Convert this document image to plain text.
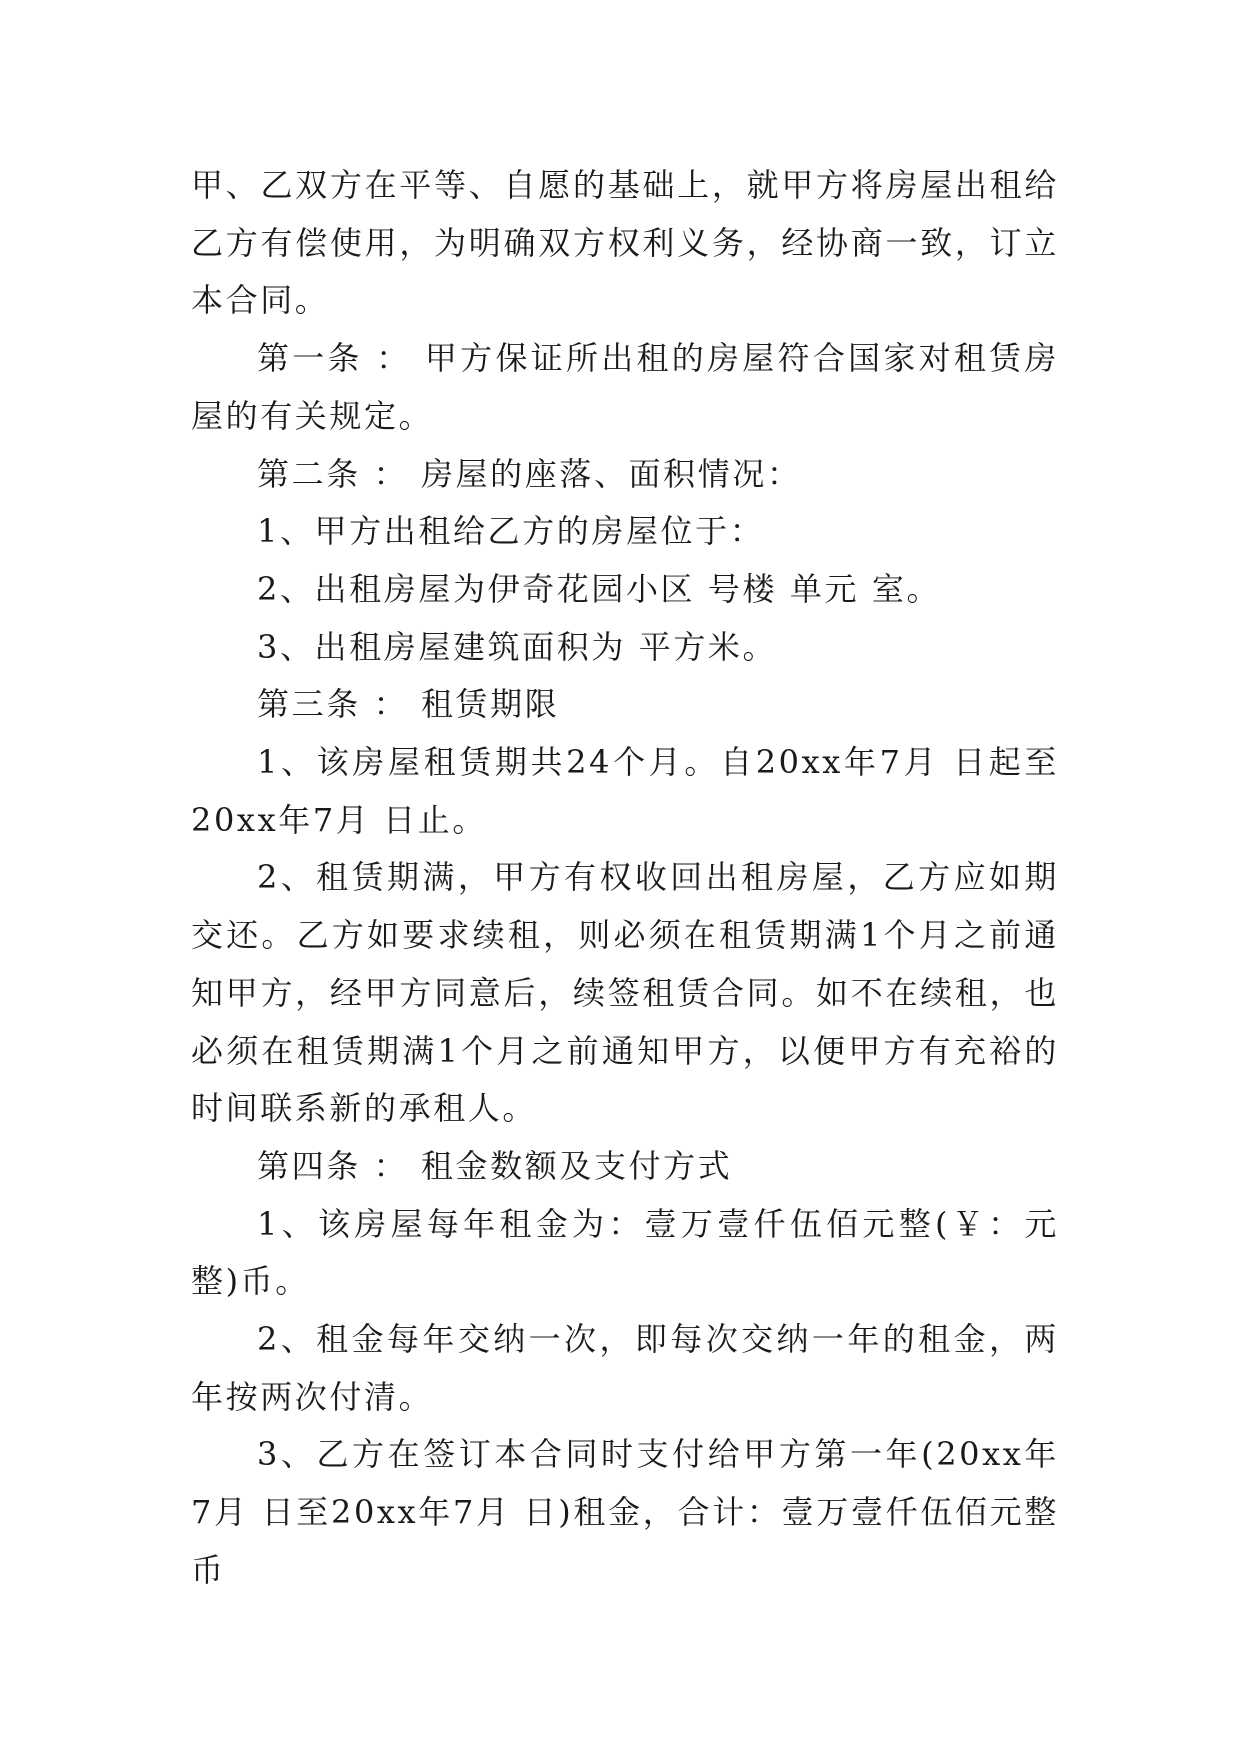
甲、乙双方在平等、自愿的基础上，就甲方将房屋出租给乙方有偿使用，为明确双方权利义务，经协商一致，订立本合同。

第一条 ： 甲方保证所出租的房屋符合国家对租赁房屋的有关规定。

第二条 ： 房屋的座落、面积情况：

1、甲方出租给乙方的房屋位于：

2、出租房屋为伊奇花园小区 号楼 单元 室。

3、出租房屋建筑面积为 平方米。

第三条 ： 租赁期限

1、该房屋租赁期共24个月。自20xx年7月 日起至20xx年7月 日止。

2、租赁期满，甲方有权收回出租房屋，乙方应如期交还。乙方如要求续租，则必须在租赁期满1个月之前通知甲方，经甲方同意后，续签租赁合同。如不在续租，也必须在租赁期满1个月之前通知甲方，以便甲方有充裕的时间联系新的承租人。

第四条 ： 租金数额及支付方式

1、该房屋每年租金为：壹万壹仟伍佰元整(￥：元整)币。

2、租金每年交纳一次，即每次交纳一年的租金，两年按两次付清。

3、乙方在签订本合同时支付给甲方第一年(20xx年7月 日至20xx年7月 日)租金，合计：壹万壹仟伍佰元整币
